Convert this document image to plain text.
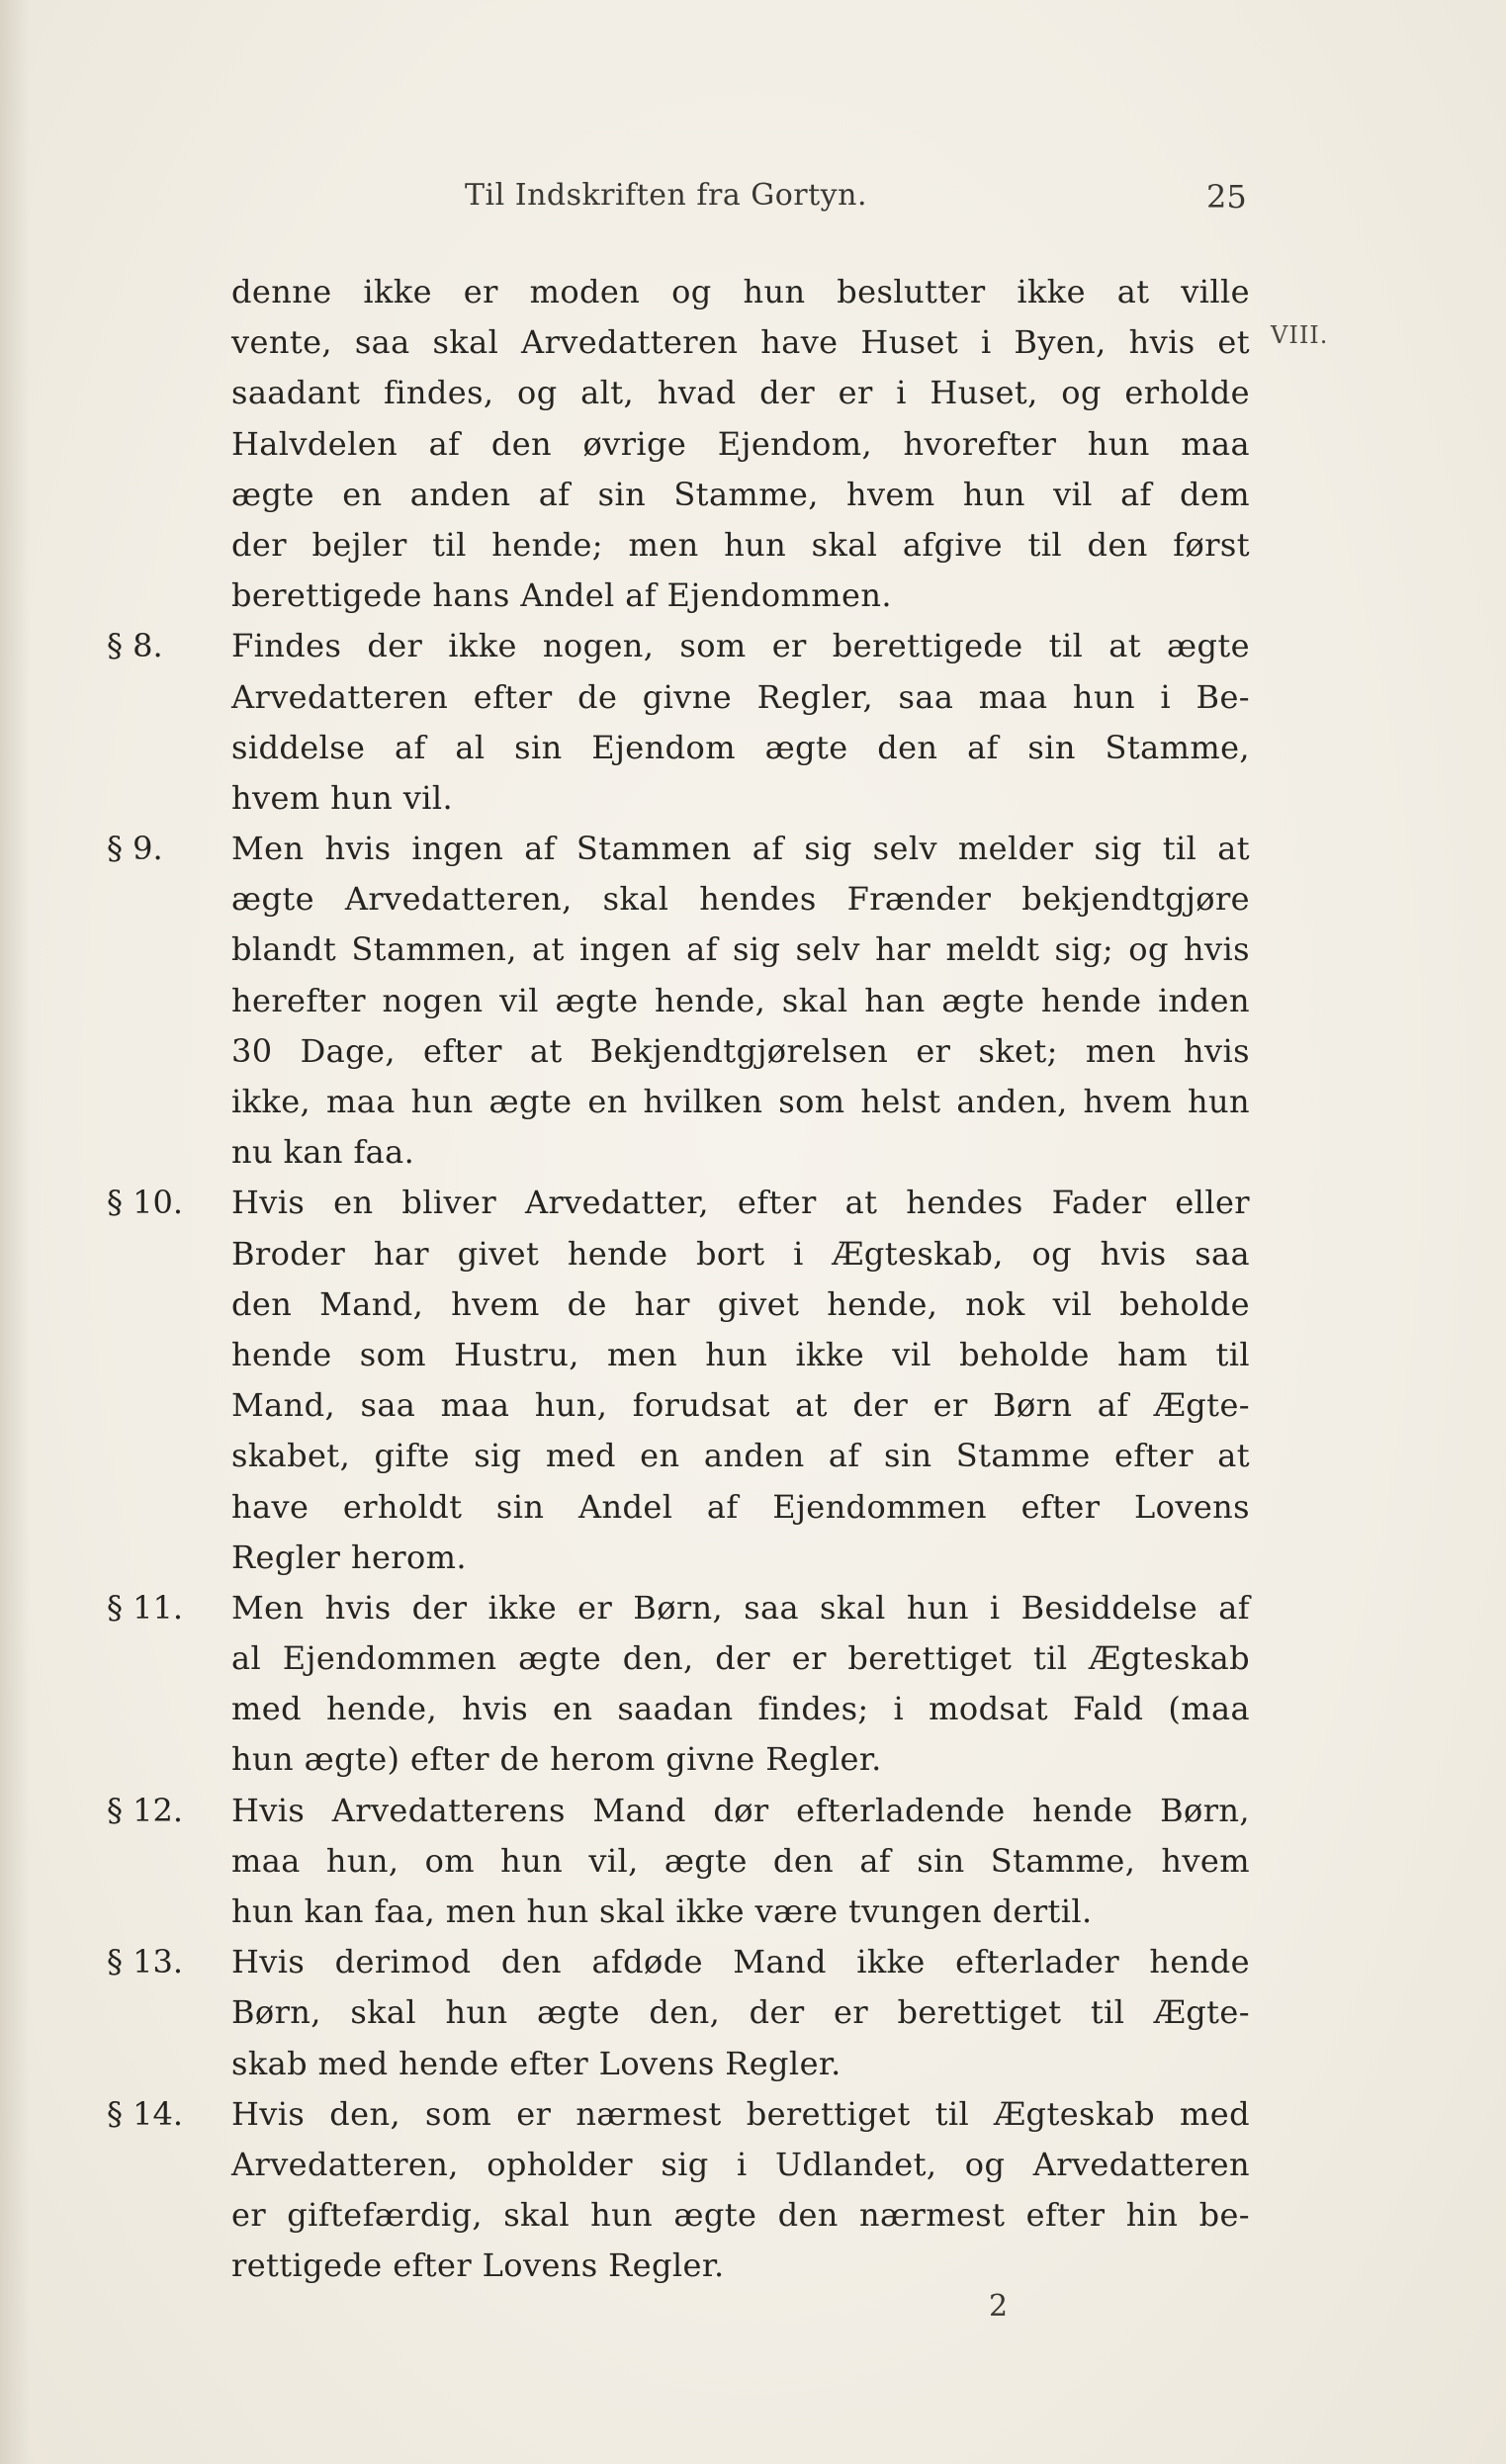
Til Indskriften fra Gortyn.	25
VIII.
denne ikke er moden og hun beslutter ikke at ville
vente, saa skal Arvedatteren have Huset i Byen, hvis et
saadant findes, og alt, hvad der er i Huset, og erholde
Halvdelen af den øvrige Ejendom, hvorefter hun maa
ægte en anden af sin Stamme, hvem hun vil af dem
der bejler til hende; men hun skal afgive til den først
berettigede hans Andel af Ejendommen.
§ 8.	Findes der ikke nogen, som er berettigede til at ægte
Arvedatteren efter de givne Regler, saa maa hun i Be-
siddelse af al sin Ejendom ægte den af sin Stamme,
hvem hun vil.
§ 9.	Men hvis ingen af Stammen af sig selv melder sig til at
ægte Arvedatteren, skal hendes Frænder bekjendtgjøre
blandt Stammen, at ingen af sig selv har meldt sig; og hvis
herefter nogen vil ægte hende, skal han ægte hende inden
30 Dage, efter at Bekjendtgjørelsen er sket; men hvis
ikke, maa hun ægte en hvilken som helst anden, hvem hun
nu kan faa.
§ 10.	Hvis en bliver Arvedatter, efter at hendes Fader eller
Broder har givet hende bort i Ægteskab, og hvis saa
den Mand, hvem de har givet hende, nok vil beholde
hende som Hustru, men hun ikke vil beholde ham til
Mand, saa maa hun, forudsat at der er Børn af Ægte-
skabet, gifte sig med en anden af sin Stamme efter at
have erholdt sin Andel af Ejendommen efter Lovens
Regler herom.
§ 11.	Men hvis der ikke er Børn, saa skal hun i Besiddelse af
al Ejendommen ægte den, der er berettiget til Ægteskab
med hende, hvis en saadan findes; i modsat Fald (maa
hun ægte) efter de herom givne Regler.
§ 12.	Hvis Arvedatterens Mand dør efterladende hende Børn,
maa hun, om hun vil, ægte den af sin Stamme, hvem
hun kan faa, men hun skal ikke være tvungen dertil.
§ 13.	Hvis derimod den afdøde Mand ikke efterlader hende
Børn, skal hun ægte den, der er berettiget til Ægte-
skab med hende efter Lovens Regler.
§ 14.	Hvis den, som er nærmest berettiget til Ægteskab med
Arvedatteren, opholder sig i Udlandet, og Arvedatteren
er giftefærdig, skal hun ægte den nærmest efter hin be-
rettigede efter Lovens Regler.
2
